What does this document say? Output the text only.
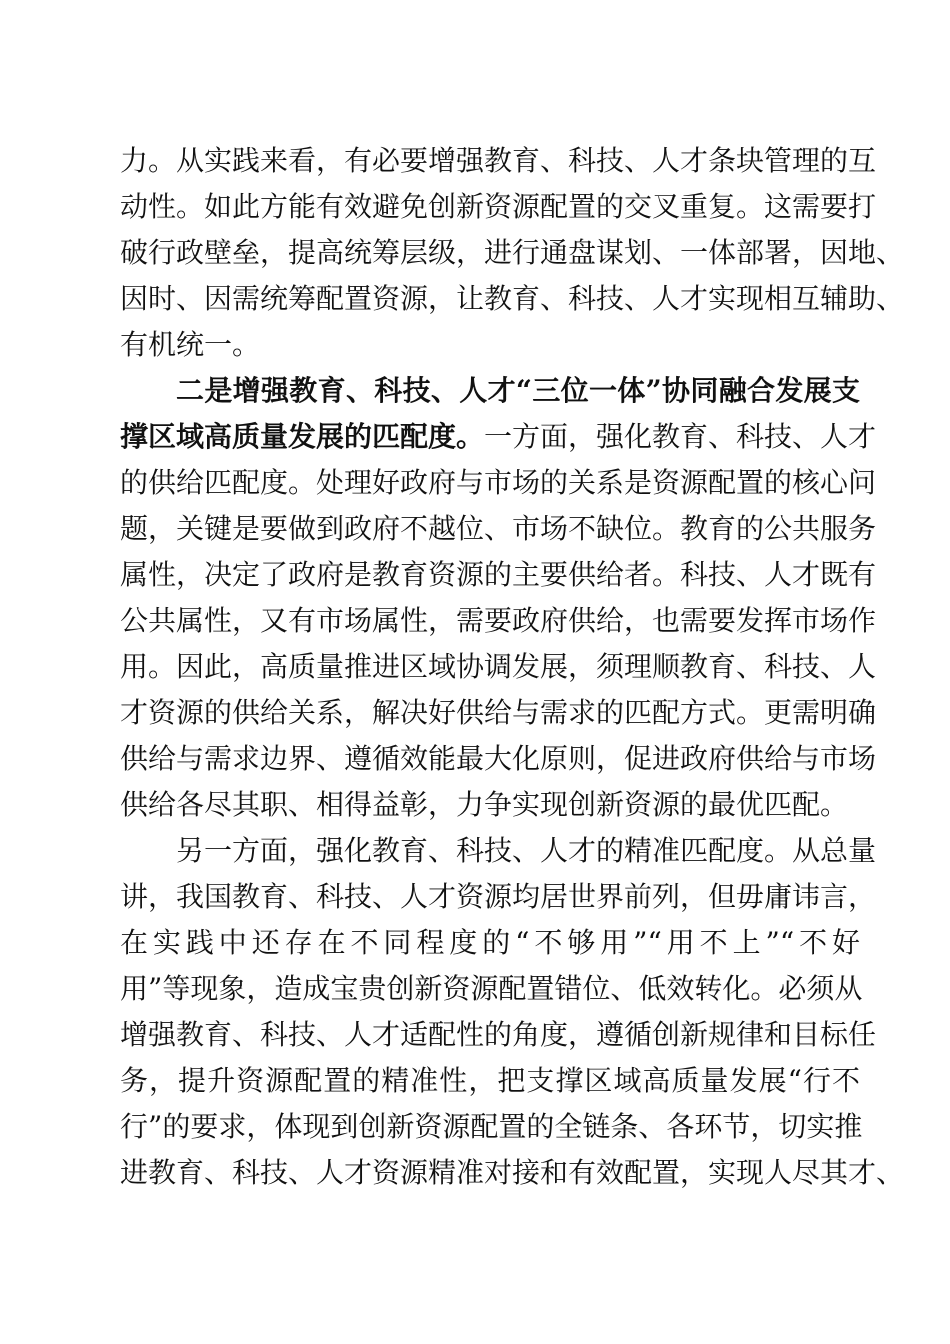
力。从实践来看，有必要增强教育、科技、人才条块管理的互
动性。如此方能有效避免创新资源配置的交叉重复。这需要打
破行政壁垒，提高统筹层级，进行通盘谋划、一体部署，因地、
因时、因需统筹配置资源，让教育、科技、人才实现相互辅助、
有机统一。
二是增强教育、科技、人才“三位一体”协同融合发展支
撑区域高质量发展的匹配度。一方面，强化教育、科技、人才
的供给匹配度。处理好政府与市场的关系是资源配置的核心问
题，关键是要做到政府不越位、市场不缺位。教育的公共服务
属性，决定了政府是教育资源的主要供给者。科技、人才既有
公共属性，又有市场属性，需要政府供给，也需要发挥市场作
用。因此，高质量推进区域协调发展，须理顺教育、科技、人
才资源的供给关系，解决好供给与需求的匹配方式。更需明确
供给与需求边界、遵循效能最大化原则，促进政府供给与市场
供给各尽其职、相得益彰，力争实现创新资源的最优匹配。
另一方面，强化教育、科技、人才的精准匹配度。从总量
讲，我国教育、科技、人才资源均居世界前列，但毋庸讳言，
在实践中还存在不同程度的“不够用”“用不上”“不好
用”等现象，造成宝贵创新资源配置错位、低效转化。必须从
增强教育、科技、人才适配性的角度，遵循创新规律和目标任
务，提升资源配置的精准性，把支撑区域高质量发展“行不
行”的要求，体现到创新资源配置的全链条、各环节，切实推
进教育、科技、人才资源精准对接和有效配置，实现人尽其才、
